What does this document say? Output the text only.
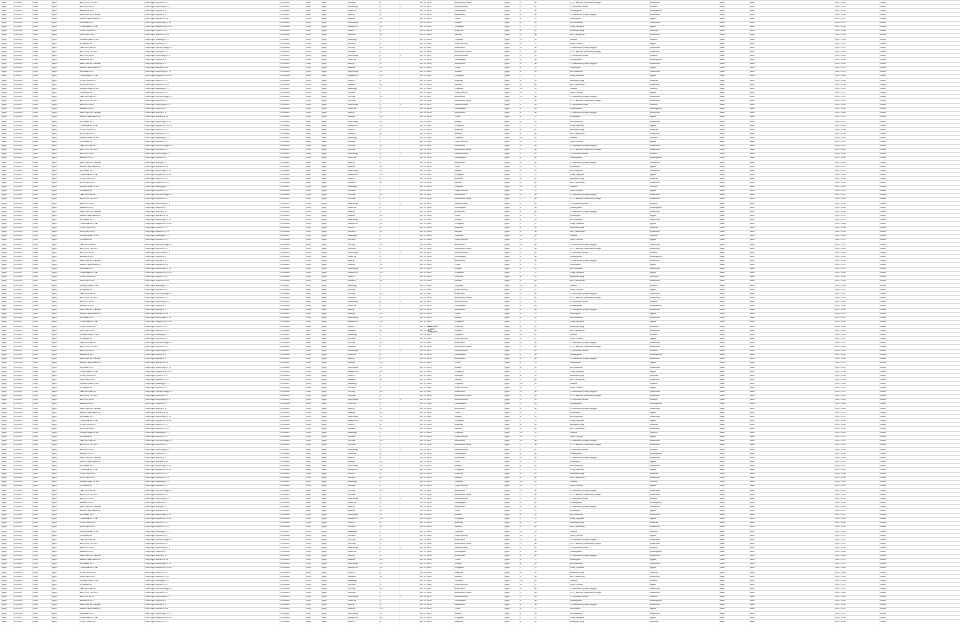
Eger	3370011	3300	Eger	ALFÖLDI TEJ KFT	3300 Eger Kossuth u. 2	12345678	2005	Eger	Kossuth	2	36/ 12 3456	Élelmiszer kisker	Eger	1	A	76. 1. Áruház, élelmiszer jellegű	élelmiszer	Nem	Nem	2007.11.05	Lezárt
Eger	3370012	3300	Eger	ÁGOSTON BT	3300 Eger Széchenyi u. 5	12345679	2006	Eger	Széchenyi	5	1	36/ 12 3457	Ruházati bolt	Eger	2	B	2. Ruházati termék	ruházat	Nem	Nem	2007.11.05	Lezárt
Eger	3370013	3300	Eger	AMBRUS KFT	3300 Eger Dobó tér 3	12345680	2006	Eger	Dobó tér	3	36/ 12 3458	Vendéglátó	Eger	3	A	Vendéglátás	vendéglátás	Nem	Nem	2007.11.06	Lezárt
Eger	3370014	3300	Eger	BALOGH ÉS TÁRSA	3300 Eger Bajcsy u. 9	12345681	2006	Eger	Bajcsy	9	36/ 12 3459	Élelmiszer	Eger	4	A	1. Élelmiszer jellegű vegyes	élelmiszer	Nem	Nem	2007.11.06	Lezárt
Eger	3370015	3300	Eger	BENKÓ ANDRÁS EV	3300 Eger Maklári út 14	12345682	2004	Eger	Maklári	14	36/ 12 3460	Trafik	Eger	5	C	Dohányáru	egyéb	Nem	Nem	2007.11.07	Lezárt
Eger	3370016	3300	Eger	BORHÁZ KFT	3300 Eger Széchenyi u. 11	12345683	2005	Eger	Széchenyi	11	36/ 12 3461	Italbolt	Eger	6	B	Ital szaküzlet	élelmiszer	Nem	Nem	2007.11.07	Lezárt
Eger	3370017	3300	Eger	CSERNA ÉS TSA	3300 Eger Mátyás kir. út 20	12345684	2006	Eger	Mátyás kir.	20	36/ 12 3462	Virágbolt	Eger	7	C	Virág, ajándék	egyéb	Nem	Nem	2007.11.08	Lezárt
Eger	3370018	3300	Eger	DOBÓ KER KFT	3300 Eger Deák F. u. 4	12345685	2006	Eger	Deák F.	4	36/ 12 3463	Műszaki	Eger	8	B	Háztartási gép	műszaki	Nem	Nem	2007.11.08	Lezárt
Eger	3370019	3300	Eger	EGRI HÚS KFT	3300 Eger Rákóczi u. 31	12345686	2005	Eger	Rákóczi	31	36/ 12 3464	Hentes	Eger	9	A	Hús, hentesáru	élelmiszer	Nem	Nem	2007.11.09	Lezárt
Eger	3370020	3300	Eger	FEHÉR JÁNOS EV	3300 Eger Hadnagy u. 7	12345687	2003	Eger	Hadnagy	7	36/ 12 3465	Cipőbolt	Eger	10	B	Lábbeli	ruházat	Nem	Nem	2007.11.09	Lezárt
Eger	3370021	3300	Eger	FORRÁS BT	3300 Eger Knézich u. 2	12345688	2006	Eger	Knézich	2	36/ 12 3466	Papír-írószer	Eger	11	C	Papír, írószer	egyéb	Nem	Nem	2007.11.12	Lezárt
Eger	3370022	3300	Eger	GÁL ÉS FIA KFT	3300 Eger Vécsey völgy 15	12345689	2006	Eger	Vécsey	15	36/ 12 3467	Élelmiszer	Eger	12	A	1. Élelmiszer jellegű vegyes	élelmiszer	Nem	Nem	2007.11.12	Lezárt
Eger	3370011	3300	Eger	ALFÖLDI TEJ KFT	3300 Eger Kossuth u. 2	12345678	2005	Eger	Kossuth	2	36/ 12 3456	Élelmiszer kisker	Eger	1	A	76. 1. Áruház, élelmiszer jellegű	élelmiszer	Nem	Nem	2007.11.05	Lezárt
Eger	3370012	3300	Eger	ÁGOSTON BT	3300 Eger Széchenyi u. 5	12345679	2006	Eger	Széchenyi	5	1	36/ 12 3457	Ruházati bolt	Eger	2	B	2. Ruházati termék	ruházat	Nem	Nem	2007.11.05	Lezárt
Eger	3370013	3300	Eger	AMBRUS KFT	3300 Eger Dobó tér 3	12345680	2006	Eger	Dobó tér	3	36/ 12 3458	Vendéglátó	Eger	3	A	Vendéglátás	vendéglátás	Nem	Nem	2007.11.06	Lezárt
Eger	3370014	3300	Eger	BALOGH ÉS TÁRSA	3300 Eger Bajcsy u. 9	12345681	2006	Eger	Bajcsy	9	36/ 12 3459	Élelmiszer	Eger	4	A	1. Élelmiszer jellegű vegyes	élelmiszer	Nem	Nem	2007.11.06	Lezárt
Eger	3370015	3300	Eger	BENKÓ ANDRÁS EV	3300 Eger Maklári út 14	12345682	2004	Eger	Maklári	14	36/ 12 3460	Trafik	Eger	5	C	Dohányáru	egyéb	Nem	Nem	2007.11.07	Lezárt
Eger	3370016	3300	Eger	BORHÁZ KFT	3300 Eger Széchenyi u. 11	12345683	2005	Eger	Széchenyi	11	36/ 12 3461	Italbolt	Eger	6	B	Ital szaküzlet	élelmiszer	Nem	Nem	2007.11.07	Lezárt
Eger	3370017	3300	Eger	CSERNA ÉS TSA	3300 Eger Mátyás kir. út 20	12345684	2006	Eger	Mátyás kir.	20	36/ 12 3462	Virágbolt	Eger	7	C	Virág, ajándék	egyéb	Nem	Nem	2007.11.08	Lezárt
Eger	3370018	3300	Eger	DOBÓ KER KFT	3300 Eger Deák F. u. 4	12345685	2006	Eger	Deák F.	4	36/ 12 3463	Műszaki	Eger	8	B	Háztartási gép	műszaki	Nem	Nem	2007.11.08	Lezárt
Eger	3370019	3300	Eger	EGRI HÚS KFT	3300 Eger Rákóczi u. 31	12345686	2005	Eger	Rákóczi	31	36/ 12 3464	Hentes	Eger	9	A	Hús, hentesáru	élelmiszer	Nem	Nem	2007.11.09	Lezárt
Eger	3370020	3300	Eger	FEHÉR JÁNOS EV	3300 Eger Hadnagy u. 7	12345687	2003	Eger	Hadnagy	7	36/ 12 3465	Cipőbolt	Eger	10	B	Lábbeli	ruházat	Nem	Nem	2007.11.09	Lezárt
Eger	3370021	3300	Eger	FORRÁS BT	3300 Eger Knézich u. 2	12345688	2006	Eger	Knézich	2	36/ 12 3466	Papír-írószer	Eger	11	C	Papír, írószer	egyéb	Nem	Nem	2007.11.12	Lezárt
Eger	3370022	3300	Eger	GÁL ÉS FIA KFT	3300 Eger Vécsey völgy 15	12345689	2006	Eger	Vécsey	15	36/ 12 3467	Élelmiszer	Eger	12	A	1. Élelmiszer jellegű vegyes	élelmiszer	Nem	Nem	2007.11.12	Lezárt
Eger	3370011	3300	Eger	ALFÖLDI TEJ KFT	3300 Eger Kossuth u. 2	12345678	2005	Eger	Kossuth	2	36/ 12 3456	Élelmiszer kisker	Eger	1	A	76. 1. Áruház, élelmiszer jellegű	élelmiszer	Nem	Nem	2007.11.05	Lezárt
Eger	3370012	3300	Eger	ÁGOSTON BT	3300 Eger Széchenyi u. 5	12345679	2006	Eger	Széchenyi	5	1	36/ 12 3457	Ruházati bolt	Eger	2	B	2. Ruházati termék	ruházat	Nem	Nem	2007.11.05	Lezárt
Eger	3370013	3300	Eger	AMBRUS KFT	3300 Eger Dobó tér 3	12345680	2006	Eger	Dobó tér	3	36/ 12 3458	Vendéglátó	Eger	3	A	Vendéglátás	vendéglátás	Nem	Nem	2007.11.06	Lezárt
Eger	3370014	3300	Eger	BALOGH ÉS TÁRSA	3300 Eger Bajcsy u. 9	12345681	2006	Eger	Bajcsy	9	36/ 12 3459	Élelmiszer	Eger	4	A	1. Élelmiszer jellegű vegyes	élelmiszer	Nem	Nem	2007.11.06	Lezárt
Eger	3370015	3300	Eger	BENKÓ ANDRÁS EV	3300 Eger Maklári út 14	12345682	2004	Eger	Maklári	14	36/ 12 3460	Trafik	Eger	5	C	Dohányáru	egyéb	Nem	Nem	2007.11.07	Lezárt
Eger	3370016	3300	Eger	BORHÁZ KFT	3300 Eger Széchenyi u. 11	12345683	2005	Eger	Széchenyi	11	36/ 12 3461	Italbolt	Eger	6	B	Ital szaküzlet	élelmiszer	Nem	Nem	2007.11.07	Lezárt
Eger	3370017	3300	Eger	CSERNA ÉS TSA	3300 Eger Mátyás kir. út 20	12345684	2006	Eger	Mátyás kir.	20	36/ 12 3462	Virágbolt	Eger	7	C	Virág, ajándék	egyéb	Nem	Nem	2007.11.08	Lezárt
Eger	3370018	3300	Eger	DOBÓ KER KFT	3300 Eger Deák F. u. 4	12345685	2006	Eger	Deák F.	4	36/ 12 3463	Műszaki	Eger	8	B	Háztartási gép	műszaki	Nem	Nem	2007.11.08	Lezárt
Eger	3370019	3300	Eger	EGRI HÚS KFT	3300 Eger Rákóczi u. 31	12345686	2005	Eger	Rákóczi	31	36/ 12 3464	Hentes	Eger	9	A	Hús, hentesáru	élelmiszer	Nem	Nem	2007.11.09	Lezárt
Eger	3370020	3300	Eger	FEHÉR JÁNOS EV	3300 Eger Hadnagy u. 7	12345687	2003	Eger	Hadnagy	7	36/ 12 3465	Cipőbolt	Eger	10	B	Lábbeli	ruházat	Nem	Nem	2007.11.09	Lezárt
Eger	3370021	3300	Eger	FORRÁS BT	3300 Eger Knézich u. 2	12345688	2006	Eger	Knézich	2	36/ 12 3466	Papír-írószer	Eger	11	C	Papír, írószer	egyéb	Nem	Nem	2007.11.12	Lezárt
Eger	3370022	3300	Eger	GÁL ÉS FIA KFT	3300 Eger Vécsey völgy 15	12345689	2006	Eger	Vécsey	15	36/ 12 3467	Élelmiszer	Eger	12	A	1. Élelmiszer jellegű vegyes	élelmiszer	Nem	Nem	2007.11.12	Lezárt
Eger	3370011	3300	Eger	ALFÖLDI TEJ KFT	3300 Eger Kossuth u. 2	12345678	2005	Eger	Kossuth	2	36/ 12 3456	Élelmiszer kisker	Eger	1	A	76. 1. Áruház, élelmiszer jellegű	élelmiszer	Nem	Nem	2007.11.05	Lezárt
Eger	3370012	3300	Eger	ÁGOSTON BT	3300 Eger Széchenyi u. 5	12345679	2006	Eger	Széchenyi	5	1	36/ 12 3457	Ruházati bolt	Eger	2	B	2. Ruházati termék	ruházat	Nem	Nem	2007.11.05	Lezárt
Eger	3370013	3300	Eger	AMBRUS KFT	3300 Eger Dobó tér 3	12345680	2006	Eger	Dobó tér	3	36/ 12 3458	Vendéglátó	Eger	3	A	Vendéglátás	vendéglátás	Nem	Nem	2007.11.06	Lezárt
Eger	3370014	3300	Eger	BALOGH ÉS TÁRSA	3300 Eger Bajcsy u. 9	12345681	2006	Eger	Bajcsy	9	36/ 12 3459	Élelmiszer	Eger	4	A	1. Élelmiszer jellegű vegyes	élelmiszer	Nem	Nem	2007.11.06	Lezárt
Eger	3370015	3300	Eger	BENKÓ ANDRÁS EV	3300 Eger Maklári út 14	12345682	2004	Eger	Maklári	14	36/ 12 3460	Trafik	Eger	5	C	Dohányáru	egyéb	Nem	Nem	2007.11.07	Lezárt
Eger	3370016	3300	Eger	BORHÁZ KFT	3300 Eger Széchenyi u. 11	12345683	2005	Eger	Széchenyi	11	36/ 12 3461	Italbolt	Eger	6	B	Ital szaküzlet	élelmiszer	Nem	Nem	2007.11.07	Lezárt
Eger	3370017	3300	Eger	CSERNA ÉS TSA	3300 Eger Mátyás kir. út 20	12345684	2006	Eger	Mátyás kir.	20	36/ 12 3462	Virágbolt	Eger	7	C	Virág, ajándék	egyéb	Nem	Nem	2007.11.08	Lezárt
Eger	3370018	3300	Eger	DOBÓ KER KFT	3300 Eger Deák F. u. 4	12345685	2006	Eger	Deák F.	4	36/ 12 3463	Műszaki	Eger	8	B	Háztartási gép	műszaki	Nem	Nem	2007.11.08	Lezárt
Eger	3370019	3300	Eger	EGRI HÚS KFT	3300 Eger Rákóczi u. 31	12345686	2005	Eger	Rákóczi	31	36/ 12 3464	Hentes	Eger	9	A	Hús, hentesáru	élelmiszer	Nem	Nem	2007.11.09	Lezárt
Eger	3370020	3300	Eger	FEHÉR JÁNOS EV	3300 Eger Hadnagy u. 7	12345687	2003	Eger	Hadnagy	7	36/ 12 3465	Cipőbolt	Eger	10	B	Lábbeli	ruházat	Nem	Nem	2007.11.09	Lezárt
Eger	3370021	3300	Eger	FORRÁS BT	3300 Eger Knézich u. 2	12345688	2006	Eger	Knézich	2	36/ 12 3466	Papír-írószer	Eger	11	C	Papír, írószer	egyéb	Nem	Nem	2007.11.12	Lezárt
Eger	3370022	3300	Eger	GÁL ÉS FIA KFT	3300 Eger Vécsey völgy 15	12345689	2006	Eger	Vécsey	15	36/ 12 3467	Élelmiszer	Eger	12	A	1. Élelmiszer jellegű vegyes	élelmiszer	Nem	Nem	2007.11.12	Lezárt
Eger	3370011	3300	Eger	ALFÖLDI TEJ KFT	3300 Eger Kossuth u. 2	12345678	2005	Eger	Kossuth	2	36/ 12 3456	Élelmiszer kisker	Eger	1	A	76. 1. Áruház, élelmiszer jellegű	élelmiszer	Nem	Nem	2007.11.05	Lezárt
Eger	3370012	3300	Eger	ÁGOSTON BT	3300 Eger Széchenyi u. 5	12345679	2006	Eger	Széchenyi	5	1	36/ 12 3457	Ruházati bolt	Eger	2	B	2. Ruházati termék	ruházat	Nem	Nem	2007.11.05	Lezárt
Eger	3370013	3300	Eger	AMBRUS KFT	3300 Eger Dobó tér 3	12345680	2006	Eger	Dobó tér	3	36/ 12 3458	Vendéglátó	Eger	3	A	Vendéglátás	vendéglátás	Nem	Nem	2007.11.06	Lezárt
Eger	3370014	3300	Eger	BALOGH ÉS TÁRSA	3300 Eger Bajcsy u. 9	12345681	2006	Eger	Bajcsy	9	36/ 12 3459	Élelmiszer	Eger	4	A	1. Élelmiszer jellegű vegyes	élelmiszer	Nem	Nem	2007.11.06	Lezárt
Eger	3370015	3300	Eger	BENKÓ ANDRÁS EV	3300 Eger Maklári út 14	12345682	2004	Eger	Maklári	14	36/ 12 3460	Trafik	Eger	5	C	Dohányáru	egyéb	Nem	Nem	2007.11.07	Lezárt
Eger	3370016	3300	Eger	BORHÁZ KFT	3300 Eger Széchenyi u. 11	12345683	2005	Eger	Széchenyi	11	36/ 12 3461	Italbolt	Eger	6	B	Ital szaküzlet	élelmiszer	Nem	Nem	2007.11.07	Lezárt
Eger	3370017	3300	Eger	CSERNA ÉS TSA	3300 Eger Mátyás kir. út 20	12345684	2006	Eger	Mátyás kir.	20	36/ 12 3462	Virágbolt	Eger	7	C	Virág, ajándék	egyéb	Nem	Nem	2007.11.08	Lezárt
Eger	3370018	3300	Eger	DOBÓ KER KFT	3300 Eger Deák F. u. 4	12345685	2006	Eger	Deák F.	4	36/ 12 3463	Műszaki	Eger	8	B	Háztartási gép	műszaki	Nem	Nem	2007.11.08	Lezárt
Eger	3370019	3300	Eger	EGRI HÚS KFT	3300 Eger Rákóczi u. 31	12345686	2005	Eger	Rákóczi	31	36/ 12 3464	Hentes	Eger	9	A	Hús, hentesáru	élelmiszer	Nem	Nem	2007.11.09	Lezárt
Eger	3370020	3300	Eger	FEHÉR JÁNOS EV	3300 Eger Hadnagy u. 7	12345687	2003	Eger	Hadnagy	7	36/ 12 3465	Cipőbolt	Eger	10	B	Lábbeli	ruházat	Nem	Nem	2007.11.09	Lezárt
Eger	3370021	3300	Eger	FORRÁS BT	3300 Eger Knézich u. 2	12345688	2006	Eger	Knézich	2	36/ 12 3466	Papír-írószer	Eger	11	C	Papír, írószer	egyéb	Nem	Nem	2007.11.12	Lezárt
Eger	3370022	3300	Eger	GÁL ÉS FIA KFT	3300 Eger Vécsey völgy 15	12345689	2006	Eger	Vécsey	15	36/ 12 3467	Élelmiszer	Eger	12	A	1. Élelmiszer jellegű vegyes	élelmiszer	Nem	Nem	2007.11.12	Lezárt
Eger	3370011	3300	Eger	ALFÖLDI TEJ KFT	3300 Eger Kossuth u. 2	12345678	2005	Eger	Kossuth	2	36/ 12 3456	Élelmiszer kisker	Eger	1	A	76. 1. Áruház, élelmiszer jellegű	élelmiszer	Nem	Nem	2007.11.05	Lezárt
Eger	3370012	3300	Eger	ÁGOSTON BT	3300 Eger Széchenyi u. 5	12345679	2006	Eger	Széchenyi	5	1	36/ 12 3457	Ruházati bolt	Eger	2	B	2. Ruházati termék	ruházat	Nem	Nem	2007.11.05	Lezárt
Eger	3370013	3300	Eger	AMBRUS KFT	3300 Eger Dobó tér 3	12345680	2006	Eger	Dobó tér	3	36/ 12 3458	Vendéglátó	Eger	3	A	Vendéglátás	vendéglátás	Nem	Nem	2007.11.06	Lezárt
Eger	3370014	3300	Eger	BALOGH ÉS TÁRSA	3300 Eger Bajcsy u. 9	12345681	2006	Eger	Bajcsy	9	36/ 12 3459	Élelmiszer	Eger	4	A	1. Élelmiszer jellegű vegyes	élelmiszer	Nem	Nem	2007.11.06	Lezárt
Eger	3370015	3300	Eger	BENKÓ ANDRÁS EV	3300 Eger Maklári út 14	12345682	2004	Eger	Maklári	14	36/ 12 3460	Trafik	Eger	5	C	Dohányáru	egyéb	Nem	Nem	2007.11.07	Lezárt
Eger	3370016	3300	Eger	BORHÁZ KFT	3300 Eger Széchenyi u. 11	12345683	2005	Eger	Széchenyi	11	36/ 12 3461	Italbolt	Eger	6	B	Ital szaküzlet	élelmiszer	Nem	Nem	2007.11.07	Lezárt
Eger	3370017	3300	Eger	CSERNA ÉS TSA	3300 Eger Mátyás kir. út 20	12345684	2006	Eger	Mátyás kir.	20	36/ 12 3462	Virágbolt	Eger	7	C	Virág, ajándék	egyéb	Nem	Nem	2007.11.08	Lezárt
Eger	3370018	3300	Eger	DOBÓ KER KFT	3300 Eger Deák F. u. 4	12345685	2006	Eger	Deák F.	4	36/ 12 3463	Műszaki	Eger	8	B	Háztartási gép	műszaki	Nem	Nem	2007.11.08	Lezárt
Eger	3370019	3300	Eger	EGRI HÚS KFT	3300 Eger Rákóczi u. 31	12345686	2005	Eger	Rákóczi	31	36/ 12 3464	Hentes	Eger	9	A	Hús, hentesáru	élelmiszer	Nem	Nem	2007.11.09	Lezárt
Eger	3370020	3300	Eger	FEHÉR JÁNOS EV	3300 Eger Hadnagy u. 7	12345687	2003	Eger	Hadnagy	7	36/ 12 3465	Cipőbolt	Eger	10	B	Lábbeli	ruházat	Nem	Nem	2007.11.09	Lezárt
Eger	3370021	3300	Eger	FORRÁS BT	3300 Eger Knézich u. 2	12345688	2006	Eger	Knézich	2	36/ 12 3466	Papír-írószer	Eger	11	C	Papír, írószer	egyéb	Nem	Nem	2007.11.12	Lezárt
Eger	3370022	3300	Eger	GÁL ÉS FIA KFT	3300 Eger Vécsey völgy 15	12345689	2006	Eger	Vécsey	15	36/ 12 3467	Élelmiszer	Eger	12	A	1. Élelmiszer jellegű vegyes	élelmiszer	Nem	Nem	2007.11.12	Lezárt
Eger	3370011	3300	Eger	ALFÖLDI TEJ KFT	3300 Eger Kossuth u. 2	12345678	2005	Eger	Kossuth	2	36/ 12 3456	Élelmiszer kisker	Eger	1	A	76. 1. Áruház, élelmiszer jellegű	élelmiszer	Nem	Nem	2007.11.05	Lezárt
Eger	3370012	3300	Eger	ÁGOSTON BT	3300 Eger Széchenyi u. 5	12345679	2006	Eger	Széchenyi	5	1	36/ 12 3457	Ruházati bolt	Eger	2	B	2. Ruházati termék	ruházat	Nem	Nem	2007.11.05	Lezárt
Eger	3370013	3300	Eger	AMBRUS KFT	3300 Eger Dobó tér 3	12345680	2006	Eger	Dobó tér	3	36/ 12 3458	Vendéglátó	Eger	3	A	Vendéglátás	vendéglátás	Nem	Nem	2007.11.06	Lezárt
Eger	3370014	3300	Eger	BALOGH ÉS TÁRSA	3300 Eger Bajcsy u. 9	12345681	2006	Eger	Bajcsy	9	36/ 12 3459	Élelmiszer	Eger	4	A	1. Élelmiszer jellegű vegyes	élelmiszer	Nem	Nem	2007.11.06	Lezárt
Eger	3370015	3300	Eger	BENKÓ ANDRÁS EV	3300 Eger Maklári út 14	12345682	2004	Eger	Maklári	14	36/ 12 3460	Trafik	Eger	5	C	Dohányáru	egyéb	Nem	Nem	2007.11.07	Lezárt
Eger	3370016	3300	Eger	BORHÁZ KFT	3300 Eger Széchenyi u. 11	12345683	2005	Eger	Széchenyi	11	36/ 12 3461	Italbolt	Eger	6	B	Ital szaküzlet	élelmiszer	Nem	Nem	2007.11.07	Lezárt
Eger	3370017	3300	Eger	CSERNA ÉS TSA	3300 Eger Mátyás kir. út 20	12345684	2006	Eger	Mátyás kir.	20	36/ 12 3462	Virágbolt	Eger	7	C	Virág, ajándék	egyéb	Nem	Nem	2007.11.08	Lezárt
Eger	3370018	3300	Eger	DOBÓ KER KFT	3300 Eger Deák F. u. 4	12345685	2006	Eger	Deák F.	4	36/ 12 3463	Műszaki	Eger	8	B	Háztartási gép	műszaki	Nem	Nem	2007.11.08	Lezárt
Eger	3370019	3300	Eger	EGRI HÚS KFT	3300 Eger Rákóczi u. 31	12345686	2005	Eger	Rákóczi	31	36/ 12 3464	Hentes	Eger	9	A	Hús, hentesáru	élelmiszer	Nem	Nem	2007.11.09	Lezárt
Eger	3370020	3300	Eger	FEHÉR JÁNOS EV	3300 Eger Hadnagy u. 7	12345687	2003	Eger	Hadnagy	7	36/ 12 3465	Cipőbolt	Eger	10	B	Lábbeli	ruházat	Nem	Nem	2007.11.09	Lezárt
Eger	3370021	3300	Eger	FORRÁS BT	3300 Eger Knézich u. 2	12345688	2006	Eger	Knézich	2	36/ 12 3466	Papír-írószer	Eger	11	C	Papír, írószer	egyéb	Nem	Nem	2007.11.12	Lezárt
Eger	3370022	3300	Eger	GÁL ÉS FIA KFT	3300 Eger Vécsey völgy 15	12345689	2006	Eger	Vécsey	15	36/ 12 3467	Élelmiszer	Eger	12	A	1. Élelmiszer jellegű vegyes	élelmiszer	Nem	Nem	2007.11.12	Lezárt
Eger	3370011	3300	Eger	ALFÖLDI TEJ KFT	3300 Eger Kossuth u. 2	12345678	2005	Eger	Kossuth	2	36/ 12 3456	Élelmiszer kisker	Eger	1	A	76. 1. Áruház, élelmiszer jellegű	élelmiszer	Nem	Nem	2007.11.05	Lezárt
Eger	3370012	3300	Eger	ÁGOSTON BT	3300 Eger Széchenyi u. 5	12345679	2006	Eger	Széchenyi	5	1	36/ 12 3457	Ruházati bolt	Eger	2	B	2. Ruházati termék	ruházat	Nem	Nem	2007.11.05	Lezárt
Eger	3370013	3300	Eger	AMBRUS KFT	3300 Eger Dobó tér 3	12345680	2006	Eger	Dobó tér	3	36/ 12 3458	Vendéglátó	Eger	3	A	Vendéglátás	vendéglátás	Nem	Nem	2007.11.06	Lezárt
Eger	3370014	3300	Eger	BALOGH ÉS TÁRSA	3300 Eger Bajcsy u. 9	12345681	2006	Eger	Bajcsy	9	36/ 12 3459	Élelmiszer	Eger	4	A	1. Élelmiszer jellegű vegyes	élelmiszer	Nem	Nem	2007.11.06	Lezárt
Eger	3370015	3300	Eger	BENKÓ ANDRÁS EV	3300 Eger Maklári út 14	12345682	2004	Eger	Maklári	14	36/ 12 3460	Trafik	Eger	5	C	Dohányáru	egyéb	Nem	Nem	2007.11.07	Lezárt
Eger	3370016	3300	Eger	BORHÁZ KFT	3300 Eger Széchenyi u. 11	12345683	2005	Eger	Széchenyi	11	36/ 12 3461	Italbolt	Eger	6	B	Ital szaküzlet	élelmiszer	Nem	Nem	2007.11.07	Lezárt
Eger	3370017	3300	Eger	CSERNA ÉS TSA	3300 Eger Mátyás kir. út 20	12345684	2006	Eger	Mátyás kir.	20	36/ 12 3462	Virágbolt	Eger	7	C	Virág, ajándék	egyéb	Nem	Nem	2007.11.08	Lezárt
Eger	3370018	3300	Eger	DOBÓ KER KFT	3300 Eger Deák F. u. 4	12345685	2006	Eger	Deák F.	4	36/ 12 3463	Műszaki	Eger	8	B	Háztartási gép	műszaki	Nem	Nem	2007.11.08	Lezárt
Eger	3370019	3300	Eger	EGRI HÚS KFT	3300 Eger Rákóczi u. 31	12345686	2005	Eger	Rákóczi	31	36/ 12 3464	Hentes	Eger	9	A	Hús, hentesáru	élelmiszer	Nem	Nem	2007.11.09	Lezárt
Eger	3370020	3300	Eger	FEHÉR JÁNOS EV	3300 Eger Hadnagy u. 7	12345687	2003	Eger	Hadnagy	7	36/ 12 3465	Cipőbolt	Eger	10	B	Lábbeli	ruházat	Nem	Nem	2007.11.09	Lezárt
Eger	3370021	3300	Eger	FORRÁS BT	3300 Eger Knézich u. 2	12345688	2006	Eger	Knézich	2	36/ 12 3466	Papír-írószer	Eger	11	C	Papír, írószer	egyéb	Nem	Nem	2007.11.12	Lezárt
Eger	3370022	3300	Eger	GÁL ÉS FIA KFT	3300 Eger Vécsey völgy 15	12345689	2006	Eger	Vécsey	15	36/ 12 3467	Élelmiszer	Eger	12	A	1. Élelmiszer jellegű vegyes	élelmiszer	Nem	Nem	2007.11.12	Lezárt
Eger	3370011	3300	Eger	ALFÖLDI TEJ KFT	3300 Eger Kossuth u. 2	12345678	2005	Eger	Kossuth	2	36/ 12 3456	Élelmiszer kisker	Eger	1	A	76. 1. Áruház, élelmiszer jellegű	élelmiszer	Nem	Nem	2007.11.05	Lezárt
Eger	3370012	3300	Eger	ÁGOSTON BT	3300 Eger Széchenyi u. 5	12345679	2006	Eger	Széchenyi	5	1	36/ 12 3457	Ruházati bolt	Eger	2	B	2. Ruházati termék	ruházat	Nem	Nem	2007.11.05	Lezárt
Eger	3370013	3300	Eger	AMBRUS KFT	3300 Eger Dobó tér 3	12345680	2006	Eger	Dobó tér	3	36/ 12 3458	Vendéglátó	Eger	3	A	Vendéglátás	vendéglátás	Nem	Nem	2007.11.06	Lezárt
Eger	3370014	3300	Eger	BALOGH ÉS TÁRSA	3300 Eger Bajcsy u. 9	12345681	2006	Eger	Bajcsy	9	36/ 12 3459	Élelmiszer	Eger	4	A	1. Élelmiszer jellegű vegyes	élelmiszer	Nem	Nem	2007.11.06	Lezárt
Eger	3370015	3300	Eger	BENKÓ ANDRÁS EV	3300 Eger Maklári út 14	12345682	2004	Eger	Maklári	14	36/ 12 3460	Trafik	Eger	5	C	Dohányáru	egyéb	Nem	Nem	2007.11.07	Lezárt
Eger	3370016	3300	Eger	BORHÁZ KFT	3300 Eger Széchenyi u. 11	12345683	2005	Eger	Széchenyi	11	36/ 12 3461	Italbolt	Eger	6	B	Ital szaküzlet	élelmiszer	Nem	Nem	2007.11.07	Lezárt
Eger	3370017	3300	Eger	CSERNA ÉS TSA	3300 Eger Mátyás kir. út 20	12345684	2006	Eger	Mátyás kir.	20	36/ 12 3462	Virágbolt	Eger	7	C	Virág, ajándék	egyéb	Nem	Nem	2007.11.08	Lezárt
Eger	3370018	3300	Eger	DOBÓ KER KFT	3300 Eger Deák F. u. 4	12345685	2006	Eger	Deák F.	4	36/ 12 3463	Műszaki	Eger	8	B	Háztartási gép	műszaki	Nem	Nem	2007.11.08	Lezárt
Eger	3370019	3300	Eger	EGRI HÚS KFT	3300 Eger Rákóczi u. 31	12345686	2005	Eger	Rákóczi	31	36/ 12 3464	Hentes	Eger	9	A	Hús, hentesáru	élelmiszer	Nem	Nem	2007.11.09	Lezárt
Eger	3370020	3300	Eger	FEHÉR JÁNOS EV	3300 Eger Hadnagy u. 7	12345687	2003	Eger	Hadnagy	7	36/ 12 3465	Cipőbolt	Eger	10	B	Lábbeli	ruházat	Nem	Nem	2007.11.09	Lezárt
Eger	3370021	3300	Eger	FORRÁS BT	3300 Eger Knézich u. 2	12345688	2006	Eger	Knézich	2	36/ 12 3466	Papír-írószer	Eger	11	C	Papír, írószer	egyéb	Nem	Nem	2007.11.12	Lezárt
Eger	3370022	3300	Eger	GÁL ÉS FIA KFT	3300 Eger Vécsey völgy 15	12345689	2006	Eger	Vécsey	15	36/ 12 3467	Élelmiszer	Eger	12	A	1. Élelmiszer jellegű vegyes	élelmiszer	Nem	Nem	2007.11.12	Lezárt
Eger	3370011	3300	Eger	ALFÖLDI TEJ KFT	3300 Eger Kossuth u. 2	12345678	2005	Eger	Kossuth	2	36/ 12 3456	Élelmiszer kisker	Eger	1	A	76. 1. Áruház, élelmiszer jellegű	élelmiszer	Nem	Nem	2007.11.05	Lezárt
Eger	3370012	3300	Eger	ÁGOSTON BT	3300 Eger Széchenyi u. 5	12345679	2006	Eger	Széchenyi	5	1	36/ 12 3457	Ruházati bolt	Eger	2	B	2. Ruházati termék	ruházat	Nem	Nem	2007.11.05	Lezárt
Eger	3370013	3300	Eger	AMBRUS KFT	3300 Eger Dobó tér 3	12345680	2006	Eger	Dobó tér	3	36/ 12 3458	Vendéglátó	Eger	3	A	Vendéglátás	vendéglátás	Nem	Nem	2007.11.06	Lezárt
Eger	3370014	3300	Eger	BALOGH ÉS TÁRSA	3300 Eger Bajcsy u. 9	12345681	2006	Eger	Bajcsy	9	36/ 12 3459	Élelmiszer	Eger	4	A	1. Élelmiszer jellegű vegyes	élelmiszer	Nem	Nem	2007.11.06	Lezárt
Eger	3370015	3300	Eger	BENKÓ ANDRÁS EV	3300 Eger Maklári út 14	12345682	2004	Eger	Maklári	14	36/ 12 3460	Trafik	Eger	5	C	Dohányáru	egyéb	Nem	Nem	2007.11.07	Lezárt
Eger	3370016	3300	Eger	BORHÁZ KFT	3300 Eger Széchenyi u. 11	12345683	2005	Eger	Széchenyi	11	36/ 12 3461	Italbolt	Eger	6	B	Ital szaküzlet	élelmiszer	Nem	Nem	2007.11.07	Lezárt
Eger	3370017	3300	Eger	CSERNA ÉS TSA	3300 Eger Mátyás kir. út 20	12345684	2006	Eger	Mátyás kir.	20	36/ 12 3462	Virágbolt	Eger	7	C	Virág, ajándék	egyéb	Nem	Nem	2007.11.08	Lezárt
Eger	3370018	3300	Eger	DOBÓ KER KFT	3300 Eger Deák F. u. 4	12345685	2006	Eger	Deák F.	4	36/ 12 3463	Műszaki	Eger	8	B	Háztartási gép	műszaki	Nem	Nem	2007.11.08	Lezárt
Eger	3370019	3300	Eger	EGRI HÚS KFT	3300 Eger Rákóczi u. 31	12345686	2005	Eger	Rákóczi	31	36/ 12 3464	Hentes	Eger	9	A	Hús, hentesáru	élelmiszer	Nem	Nem	2007.11.09	Lezárt
Eger	3370020	3300	Eger	FEHÉR JÁNOS EV	3300 Eger Hadnagy u. 7	12345687	2003	Eger	Hadnagy	7	36/ 12 3465	Cipőbolt	Eger	10	B	Lábbeli	ruházat	Nem	Nem	2007.11.09	Lezárt
Eger	3370021	3300	Eger	FORRÁS BT	3300 Eger Knézich u. 2	12345688	2006	Eger	Knézich	2	36/ 12 3466	Papír-írószer	Eger	11	C	Papír, írószer	egyéb	Nem	Nem	2007.11.12	Lezárt
Eger	3370022	3300	Eger	GÁL ÉS FIA KFT	3300 Eger Vécsey völgy 15	12345689	2006	Eger	Vécsey	15	36/ 12 3467	Élelmiszer	Eger	12	A	1. Élelmiszer jellegű vegyes	élelmiszer	Nem	Nem	2007.11.12	Lezárt
Eger	3370011	3300	Eger	ALFÖLDI TEJ KFT	3300 Eger Kossuth u. 2	12345678	2005	Eger	Kossuth	2	36/ 12 3456	Élelmiszer kisker	Eger	1	A	76. 1. Áruház, élelmiszer jellegű	élelmiszer	Nem	Nem	2007.11.05	Lezárt
Eger	3370012	3300	Eger	ÁGOSTON BT	3300 Eger Széchenyi u. 5	12345679	2006	Eger	Széchenyi	5	1	36/ 12 3457	Ruházati bolt	Eger	2	B	2. Ruházati termék	ruházat	Nem	Nem	2007.11.05	Lezárt
Eger	3370013	3300	Eger	AMBRUS KFT	3300 Eger Dobó tér 3	12345680	2006	Eger	Dobó tér	3	36/ 12 3458	Vendéglátó	Eger	3	A	Vendéglátás	vendéglátás	Nem	Nem	2007.11.06	Lezárt
Eger	3370014	3300	Eger	BALOGH ÉS TÁRSA	3300 Eger Bajcsy u. 9	12345681	2006	Eger	Bajcsy	9	36/ 12 3459	Élelmiszer	Eger	4	A	1. Élelmiszer jellegű vegyes	élelmiszer	Nem	Nem	2007.11.06	Lezárt
Eger	3370015	3300	Eger	BENKÓ ANDRÁS EV	3300 Eger Maklári út 14	12345682	2004	Eger	Maklári	14	36/ 12 3460	Trafik	Eger	5	C	Dohányáru	egyéb	Nem	Nem	2007.11.07	Lezárt
Eger	3370016	3300	Eger	BORHÁZ KFT	3300 Eger Széchenyi u. 11	12345683	2005	Eger	Széchenyi	11	36/ 12 3461	Italbolt	Eger	6	B	Ital szaküzlet	élelmiszer	Nem	Nem	2007.11.07	Lezárt
Eger	3370017	3300	Eger	CSERNA ÉS TSA	3300 Eger Mátyás kir. út 20	12345684	2006	Eger	Mátyás kir.	20	36/ 12 3462	Virágbolt	Eger	7	C	Virág, ajándék	egyéb	Nem	Nem	2007.11.08	Lezárt
Eger	3370018	3300	Eger	DOBÓ KER KFT	3300 Eger Deák F. u. 4	12345685	2006	Eger	Deák F.	4	36/ 12 3463	Műszaki	Eger	8	B	Háztartási gép	műszaki	Nem	Nem	2007.11.08	Lezárt
Eger	3370019	3300	Eger	EGRI HÚS KFT	3300 Eger Rákóczi u. 31	12345686	2005	Eger	Rákóczi	31	36/ 12 3464	Hentes	Eger	9	A	Hús, hentesáru	élelmiszer	Nem	Nem	2007.11.09	Lezárt
Eger	3370020	3300	Eger	FEHÉR JÁNOS EV	3300 Eger Hadnagy u. 7	12345687	2003	Eger	Hadnagy	7	36/ 12 3465	Cipőbolt	Eger	10	B	Lábbeli	ruházat	Nem	Nem	2007.11.09	Lezárt
Eger	3370021	3300	Eger	FORRÁS BT	3300 Eger Knézich u. 2	12345688	2006	Eger	Knézich	2	36/ 12 3466	Papír-írószer	Eger	11	C	Papír, írószer	egyéb	Nem	Nem	2007.11.12	Lezárt
Eger	3370022	3300	Eger	GÁL ÉS FIA KFT	3300 Eger Vécsey völgy 15	12345689	2006	Eger	Vécsey	15	36/ 12 3467	Élelmiszer	Eger	12	A	1. Élelmiszer jellegű vegyes	élelmiszer	Nem	Nem	2007.11.12	Lezárt
Eger	3370011	3300	Eger	ALFÖLDI TEJ KFT	3300 Eger Kossuth u. 2	12345678	2005	Eger	Kossuth	2	36/ 12 3456	Élelmiszer kisker	Eger	1	A	76. 1. Áruház, élelmiszer jellegű	élelmiszer	Nem	Nem	2007.11.05	Lezárt
Eger	3370012	3300	Eger	ÁGOSTON BT	3300 Eger Széchenyi u. 5	12345679	2006	Eger	Széchenyi	5	1	36/ 12 3457	Ruházati bolt	Eger	2	B	2. Ruházati termék	ruházat	Nem	Nem	2007.11.05	Lezárt
Eger	3370013	3300	Eger	AMBRUS KFT	3300 Eger Dobó tér 3	12345680	2006	Eger	Dobó tér	3	36/ 12 3458	Vendéglátó	Eger	3	A	Vendéglátás	vendéglátás	Nem	Nem	2007.11.06	Lezárt
Eger	3370014	3300	Eger	BALOGH ÉS TÁRSA	3300 Eger Bajcsy u. 9	12345681	2006	Eger	Bajcsy	9	36/ 12 3459	Élelmiszer	Eger	4	A	1. Élelmiszer jellegű vegyes	élelmiszer	Nem	Nem	2007.11.06	Lezárt
Eger	3370015	3300	Eger	BENKÓ ANDRÁS EV	3300 Eger Maklári út 14	12345682	2004	Eger	Maklári	14	36/ 12 3460	Trafik	Eger	5	C	Dohányáru	egyéb	Nem	Nem	2007.11.07	Lezárt
Eger	3370016	3300	Eger	BORHÁZ KFT	3300 Eger Széchenyi u. 11	12345683	2005	Eger	Széchenyi	11	36/ 12 3461	Italbolt	Eger	6	B	Ital szaküzlet	élelmiszer	Nem	Nem	2007.11.07	Lezárt
Eger	3370017	3300	Eger	CSERNA ÉS TSA	3300 Eger Mátyás kir. út 20	12345684	2006	Eger	Mátyás kir.	20	36/ 12 3462	Virágbolt	Eger	7	C	Virág, ajándék	egyéb	Nem	Nem	2007.11.08	Lezárt
Eger	3370018	3300	Eger	DOBÓ KER KFT	3300 Eger Deák F. u. 4	12345685	2006	Eger	Deák F.	4	36/ 12 3463	Műszaki	Eger	8	B	Háztartási gép	műszaki	Nem	Nem	2007.11.08	Lezárt
Eger	3370019	3300	Eger	EGRI HÚS KFT	3300 Eger Rákóczi u. 31	12345686	2005	Eger	Rákóczi	31	36/ 12 3464	Hentes	Eger	9	A	Hús, hentesáru	élelmiszer	Nem	Nem	2007.11.09	Lezárt
Eger	3370020	3300	Eger	FEHÉR JÁNOS EV	3300 Eger Hadnagy u. 7	12345687	2003	Eger	Hadnagy	7	36/ 12 3465	Cipőbolt	Eger	10	B	Lábbeli	ruházat	Nem	Nem	2007.11.09	Lezárt
Eger	3370021	3300	Eger	FORRÁS BT	3300 Eger Knézich u. 2	12345688	2006	Eger	Knézich	2	36/ 12 3466	Papír-írószer	Eger	11	C	Papír, írószer	egyéb	Nem	Nem	2007.11.12	Lezárt
Eger	3370022	3300	Eger	GÁL ÉS FIA KFT	3300 Eger Vécsey völgy 15	12345689	2006	Eger	Vécsey	15	36/ 12 3467	Élelmiszer	Eger	12	A	1. Élelmiszer jellegű vegyes	élelmiszer	Nem	Nem	2007.11.12	Lezárt
Eger	3370011	3300	Eger	ALFÖLDI TEJ KFT	3300 Eger Kossuth u. 2	12345678	2005	Eger	Kossuth	2	36/ 12 3456	Élelmiszer kisker	Eger	1	A	76. 1. Áruház, élelmiszer jellegű	élelmiszer	Nem	Nem	2007.11.05	Lezárt
Eger	3370012	3300	Eger	ÁGOSTON BT	3300 Eger Széchenyi u. 5	12345679	2006	Eger	Széchenyi	5	1	36/ 12 3457	Ruházati bolt	Eger	2	B	2. Ruházati termék	ruházat	Nem	Nem	2007.11.05	Lezárt
Eger	3370013	3300	Eger	AMBRUS KFT	3300 Eger Dobó tér 3	12345680	2006	Eger	Dobó tér	3	36/ 12 3458	Vendéglátó	Eger	3	A	Vendéglátás	vendéglátás	Nem	Nem	2007.11.06	Lezárt
Eger	3370014	3300	Eger	BALOGH ÉS TÁRSA	3300 Eger Bajcsy u. 9	12345681	2006	Eger	Bajcsy	9	36/ 12 3459	Élelmiszer	Eger	4	A	1. Élelmiszer jellegű vegyes	élelmiszer	Nem	Nem	2007.11.06	Lezárt
Eger	3370015	3300	Eger	BENKÓ ANDRÁS EV	3300 Eger Maklári út 14	12345682	2004	Eger	Maklári	14	36/ 12 3460	Trafik	Eger	5	C	Dohányáru	egyéb	Nem	Nem	2007.11.07	Lezárt
Eger	3370016	3300	Eger	BORHÁZ KFT	3300 Eger Széchenyi u. 11	12345683	2005	Eger	Széchenyi	11	36/ 12 3461	Italbolt	Eger	6	B	Ital szaküzlet	élelmiszer	Nem	Nem	2007.11.07	Lezárt
Eger	3370017	3300	Eger	CSERNA ÉS TSA	3300 Eger Mátyás kir. út 20	12345684	2006	Eger	Mátyás kir.	20	36/ 12 3462	Virágbolt	Eger	7	C	Virág, ajándék	egyéb	Nem	Nem	2007.11.08	Lezárt
Eger	3370018	3300	Eger	DOBÓ KER KFT	3300 Eger Deák F. u. 4	12345685	2006	Eger	Deák F.	4	36/ 12 3463	Műszaki	Eger	8	B	Háztartási gép	műszaki	Nem	Nem	2007.11.08	Lezárt
Szerződés
a 2007
megszűnt
